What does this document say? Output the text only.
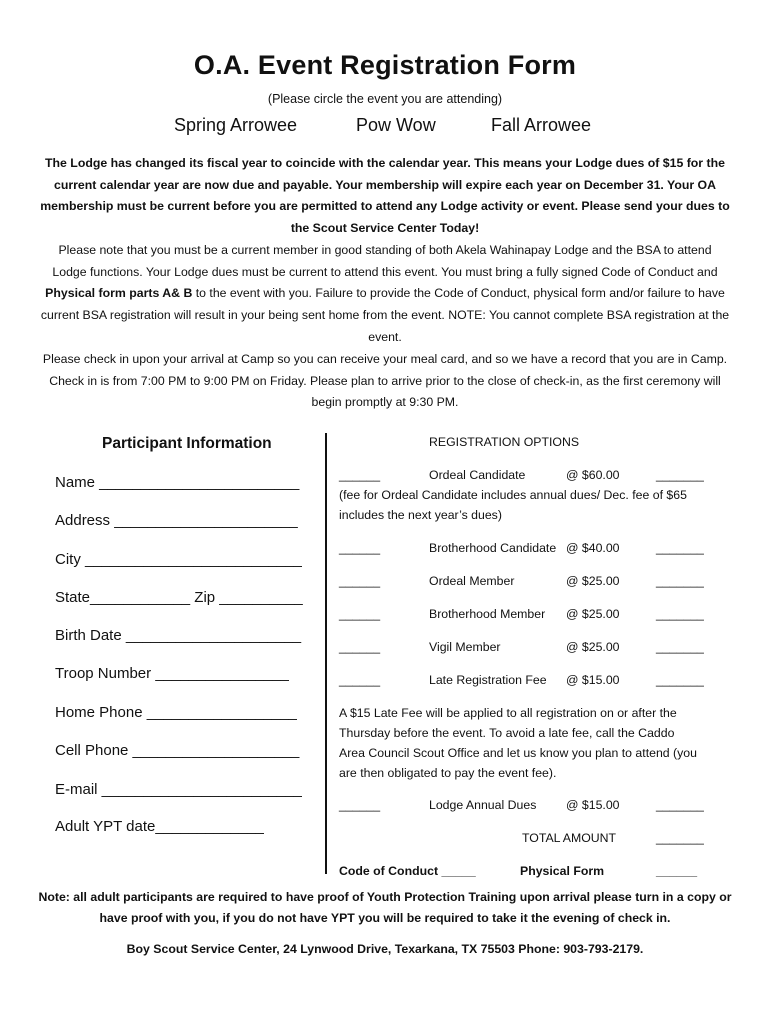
O.A. Event Registration Form
(Please circle the event you are attending)
Spring Arrowee	Pow Wow	Fall Arrowee
The Lodge has changed its fiscal year to coincide with the calendar year. This means your Lodge dues of $15 for the current calendar year are now due and payable. Your membership will expire each year on December 31. Your OA membership must be current before you are permitted to attend any Lodge activity or event. Please send your dues to the Scout Service Center Today!
Please note that you must be a current member in good standing of both Akela Wahinapay Lodge and the BSA to attend Lodge functions. Your Lodge dues must be current to attend this event. You must bring a fully signed Code of Conduct and Physical form parts A& B to the event with you. Failure to provide the Code of Conduct, physical form and/or failure to have current BSA registration will result in your being sent home from the event. NOTE: You cannot complete BSA registration at the event.
Please check in upon your arrival at Camp so you can receive your meal card, and so we have a record that you are in Camp. Check in is from 7:00 PM to 9:00 PM on Friday. Please plan to arrive prior to the close of check-in, as the first ceremony will begin promptly at 9:30 PM.
Participant Information
Name ________________________
Address ______________________
City __________________________
State____________ Zip __________
Birth Date _____________________
Troop Number ________________
Home Phone __________________
Cell Phone ____________________
E-mail ________________________
Adult YPT date_____________
REGISTRATION OPTIONS
______	Ordeal Candidate	@ $60.00	_______
(fee for Ordeal Candidate includes annual dues/ Dec. fee of $65
includes the next year’s dues)
______	Brotherhood Candidate @ $40.00	_______
______	Ordeal Member	@ $25.00	_______
______	Brotherhood Member @ $25.00	_______
______	Vigil Member	@ $25.00	_______
______	Late Registration Fee @ $15.00	_______
A $15 Late Fee will be applied to all registration on or after the
Thursday before the event. To avoid a late fee, call the Caddo
Area Council Scout Office and let us know you plan to attend (you
are then obligated to pay the event fee).
______	Lodge Annual Dues @ $15.00	_______
TOTAL AMOUNT	_______
Code of Conduct _____	Physical Form	______
Note: all adult participants are required to have proof of Youth Protection Training upon arrival please turn in a copy or have proof with you, if you do not have YPT you will be required to take it the evening of check in.
Boy Scout Service Center, 24 Lynwood Drive, Texarkana, TX 75503 Phone: 903-793-2179.
